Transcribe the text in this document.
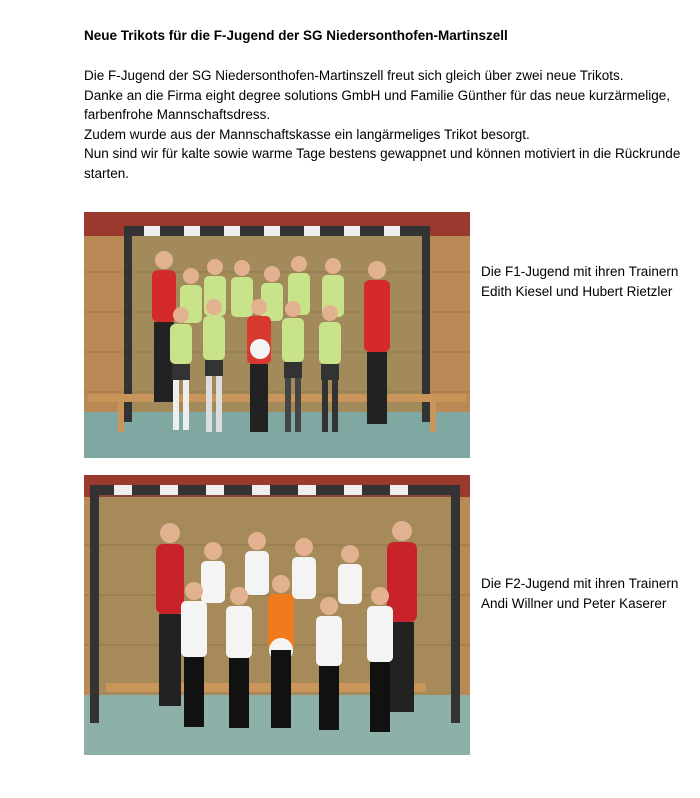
Neue Trikots für die F-Jugend der SG Niedersonthofen-Martinszell

Die F-Jugend der SG Niedersonthofen-Martinszell freut sich gleich über zwei neue Trikots.

Danke an die Firma eight degree solutions GmbH und Familie Günther für das neue kurzärmelige, farbenfrohe Mannschaftsdress.

Zudem wurde aus der Mannschaftskasse ein langärmeliges Trikot besorgt.

Nun sind wir für kalte sowie warme Tage bestens gewappnet und können motiviert in die Rückrunde starten.

Die F1-Jugend mit ihren Trainern Edith Kiesel und Hubert Rietzler

Die F2-Jugend mit ihren Trainern Andi Willner und Peter Kaserer
